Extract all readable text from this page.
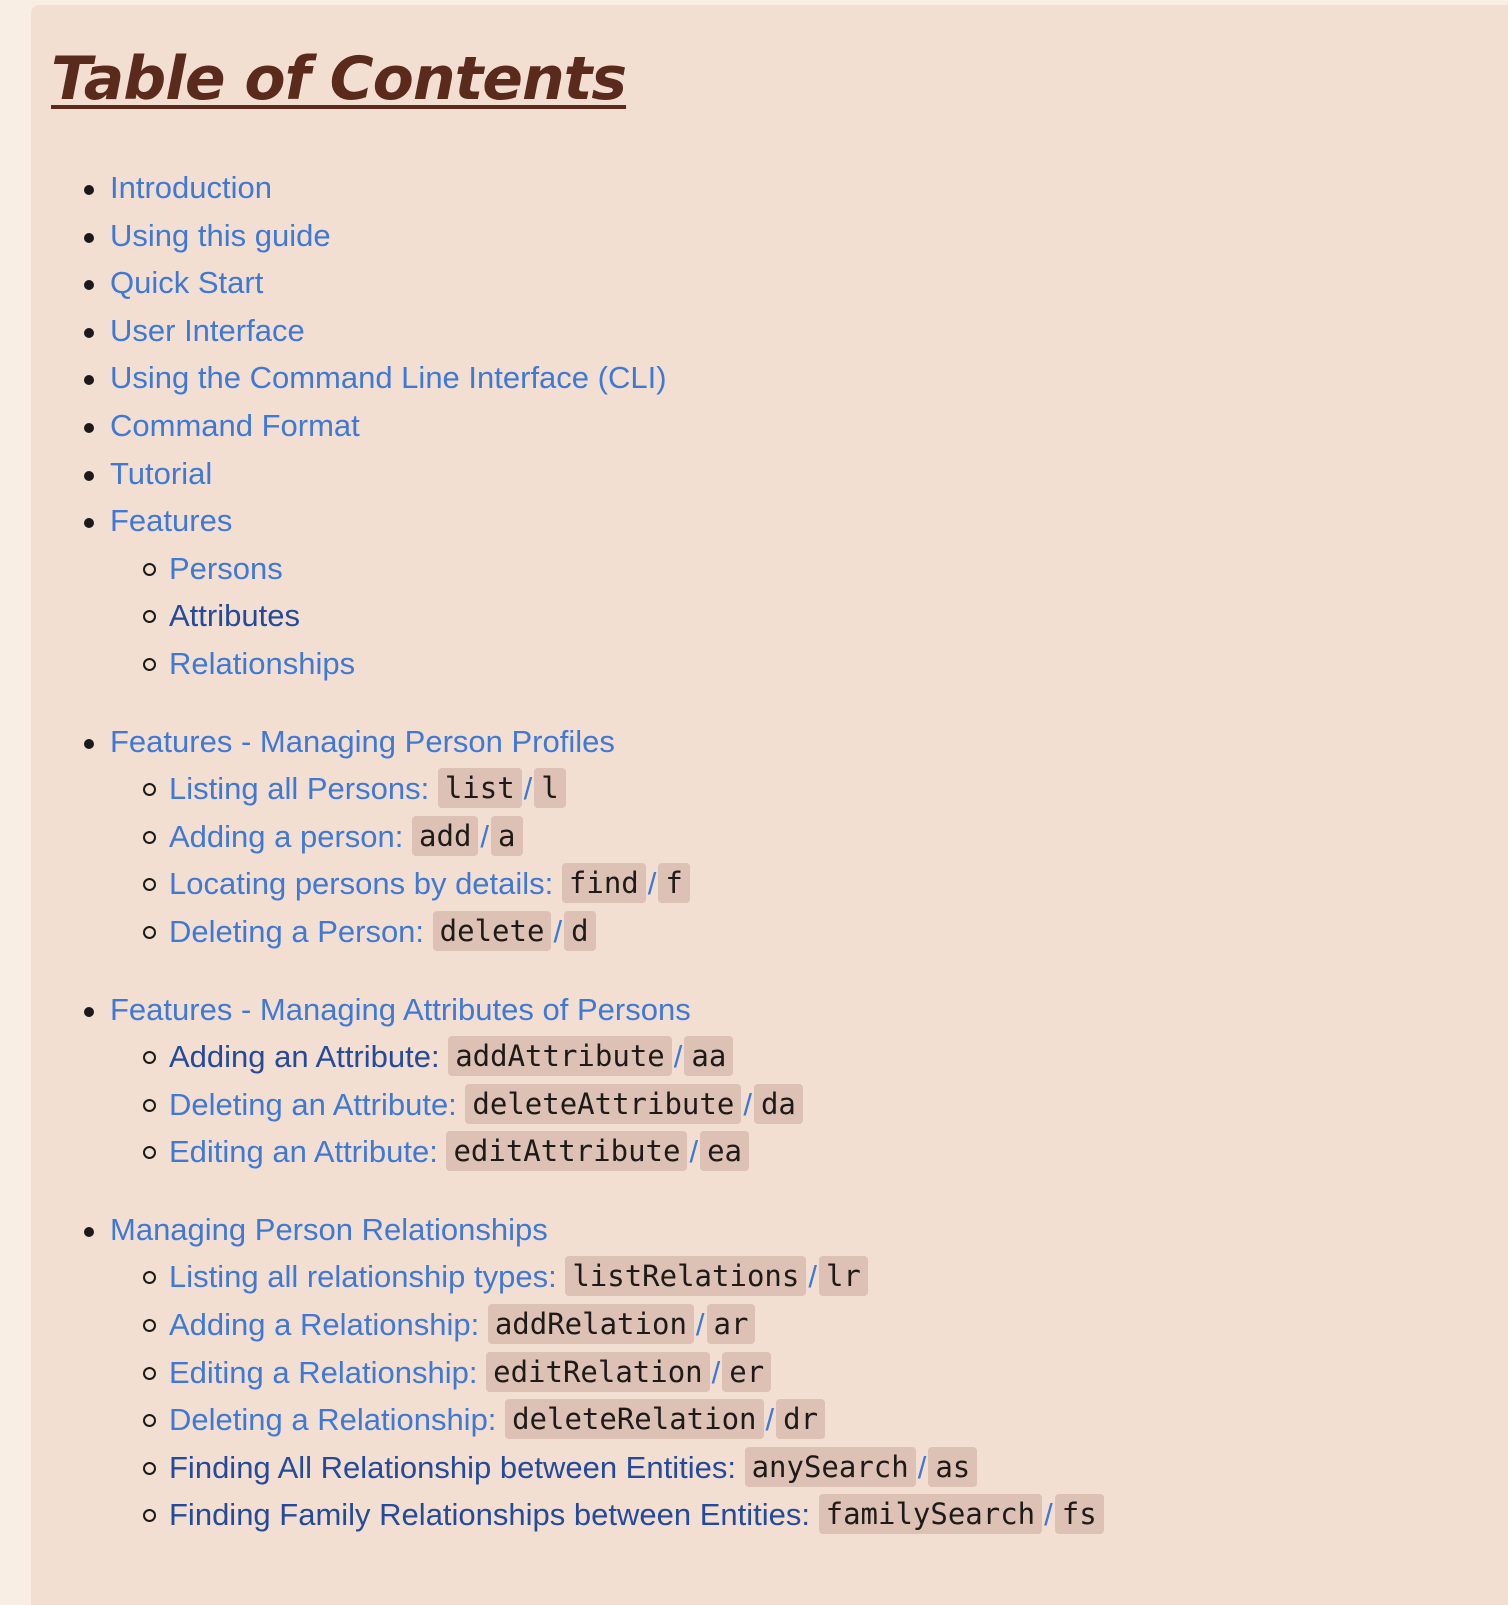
Table of Contents
Introduction
Using this guide
Quick Start
User Interface
Using the Command Line Interface (CLI)
Command Format
Tutorial
Features
Persons
Attributes
Relationships
Features - Managing Person Profiles
Listing all Persons: list / l
Adding a person: add / a
Locating persons by details: find / f
Deleting a Person: delete / d
Features - Managing Attributes of Persons
Adding an Attribute: addAttribute / aa
Deleting an Attribute: deleteAttribute / da
Editing an Attribute: editAttribute / ea
Managing Person Relationships
Listing all relationship types: listRelations / lr
Adding a Relationship: addRelation / ar
Editing a Relationship: editRelation / er
Deleting a Relationship: deleteRelation / dr
Finding All Relationship between Entities: anySearch / as
Finding Family Relationships between Entities: familySearch / fs
